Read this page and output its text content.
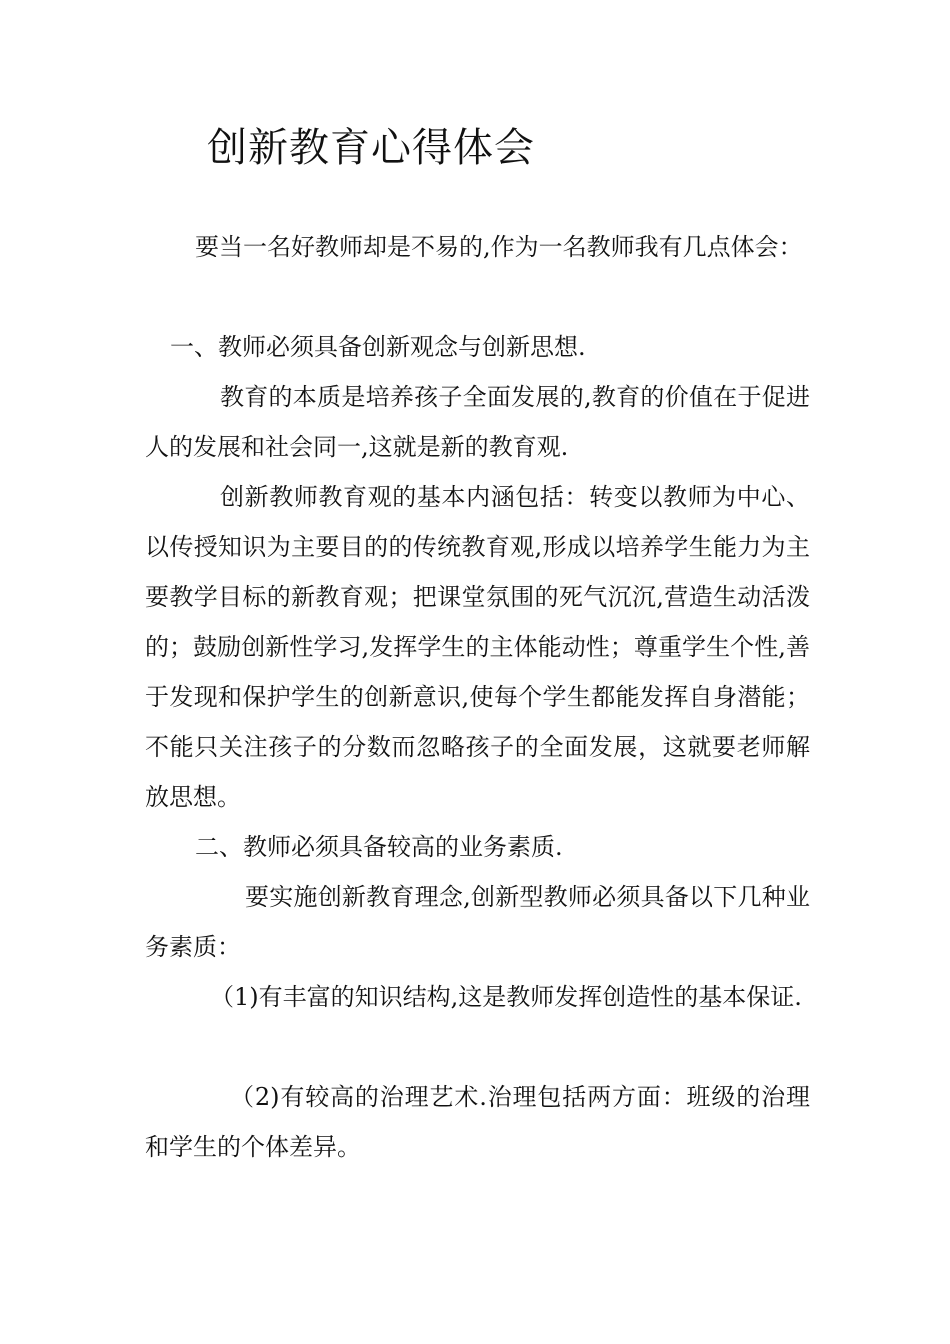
创新教育心得体会

要当一名好教师却是不易的,作为一名教师我有几点体会：

一、教师必须具备创新观念与创新思想.

教育的本质是培养孩子全面发展的,教育的价值在于促进人的发展和社会同一,这就是新的教育观.

创新教师教育观的基本内涵包括：转变以教师为中心、以传授知识为主要目的的传统教育观,形成以培养学生能力为主要教学目标的新教育观；把课堂氛围的死气沉沉,营造生动活泼的；鼓励创新性学习,发挥学生的主体能动性；尊重学生个性,善于发现和保护学生的创新意识,使每个学生都能发挥自身潜能；不能只关注孩子的分数而忽略孩子的全面发展，这就要老师解放思想。

二、教师必须具备较高的业务素质.

要实施创新教育理念,创新型教师必须具备以下几种业务素质：

（1)有丰富的知识结构,这是教师发挥创造性的基本保证.

（2)有较高的治理艺术.治理包括两方面：班级的治理和学生的个体差异。
